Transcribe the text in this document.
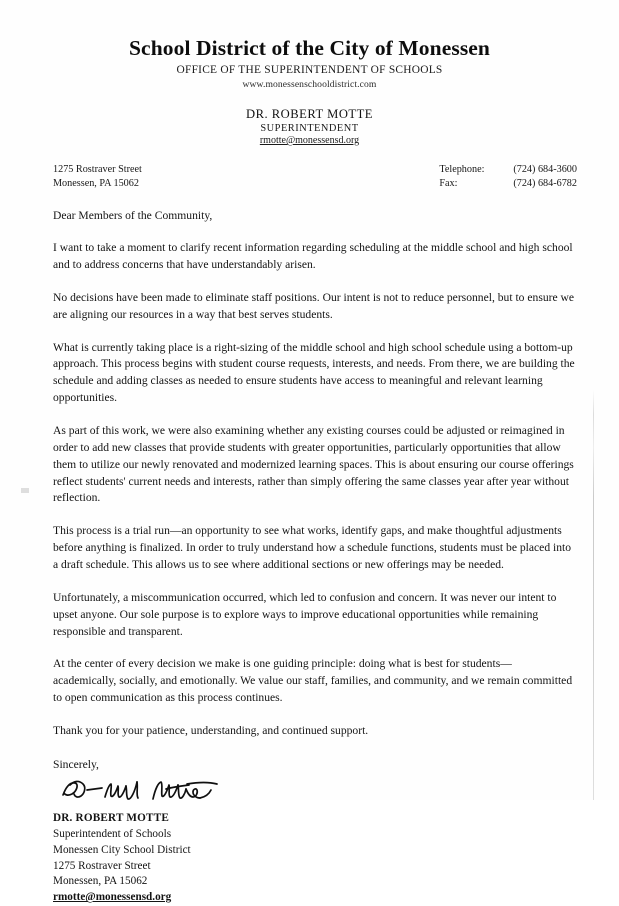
School District of the City of Monessen
OFFICE OF THE SUPERINTENDENT OF SCHOOLS
www.monessenschooldistrict.com
DR. ROBERT MOTTE
SUPERINTENDENT
rmotte@monessensd.org
1275 Rostraver Street
Monessen, PA 15062
Telephone:	(724) 684-3600
Fax:	(724) 684-6782
Dear Members of the Community,

I want to take a moment to clarify recent information regarding scheduling at the middle school and high school and to address concerns that have understandably arisen.

No decisions have been made to eliminate staff positions. Our intent is not to reduce personnel, but to ensure we are aligning our resources in a way that best serves students.

What is currently taking place is a right-sizing of the middle school and high school schedule using a bottom-up approach. This process begins with student course requests, interests, and needs. From there, we are building the schedule and adding classes as needed to ensure students have access to meaningful and relevant learning opportunities.

As part of this work, we were also examining whether any existing courses could be adjusted or reimagined in order to add new classes that provide students with greater opportunities, particularly opportunities that allow them to utilize our newly renovated and modernized learning spaces. This is about ensuring our course offerings reflect students' current needs and interests, rather than simply offering the same classes year after year without reflection.

This process is a trial run—an opportunity to see what works, identify gaps, and make thoughtful adjustments before anything is finalized. In order to truly understand how a schedule functions, students must be placed into a draft schedule. This allows us to see where additional sections or new offerings may be needed.

Unfortunately, a miscommunication occurred, which led to confusion and concern. It was never our intent to upset anyone. Our sole purpose is to explore ways to improve educational opportunities while remaining responsible and transparent.

At the center of every decision we make is one guiding principle: doing what is best for students—academically, socially, and emotionally. We value our staff, families, and community, and we remain committed to open communication as this process continues.

Thank you for your patience, understanding, and continued support.

Sincerely,
DR. ROBERT MOTTE
Superintendent of Schools
Monessen City School District
1275 Rostraver Street
Monessen, PA 15062
rmotte@monessensd.org
